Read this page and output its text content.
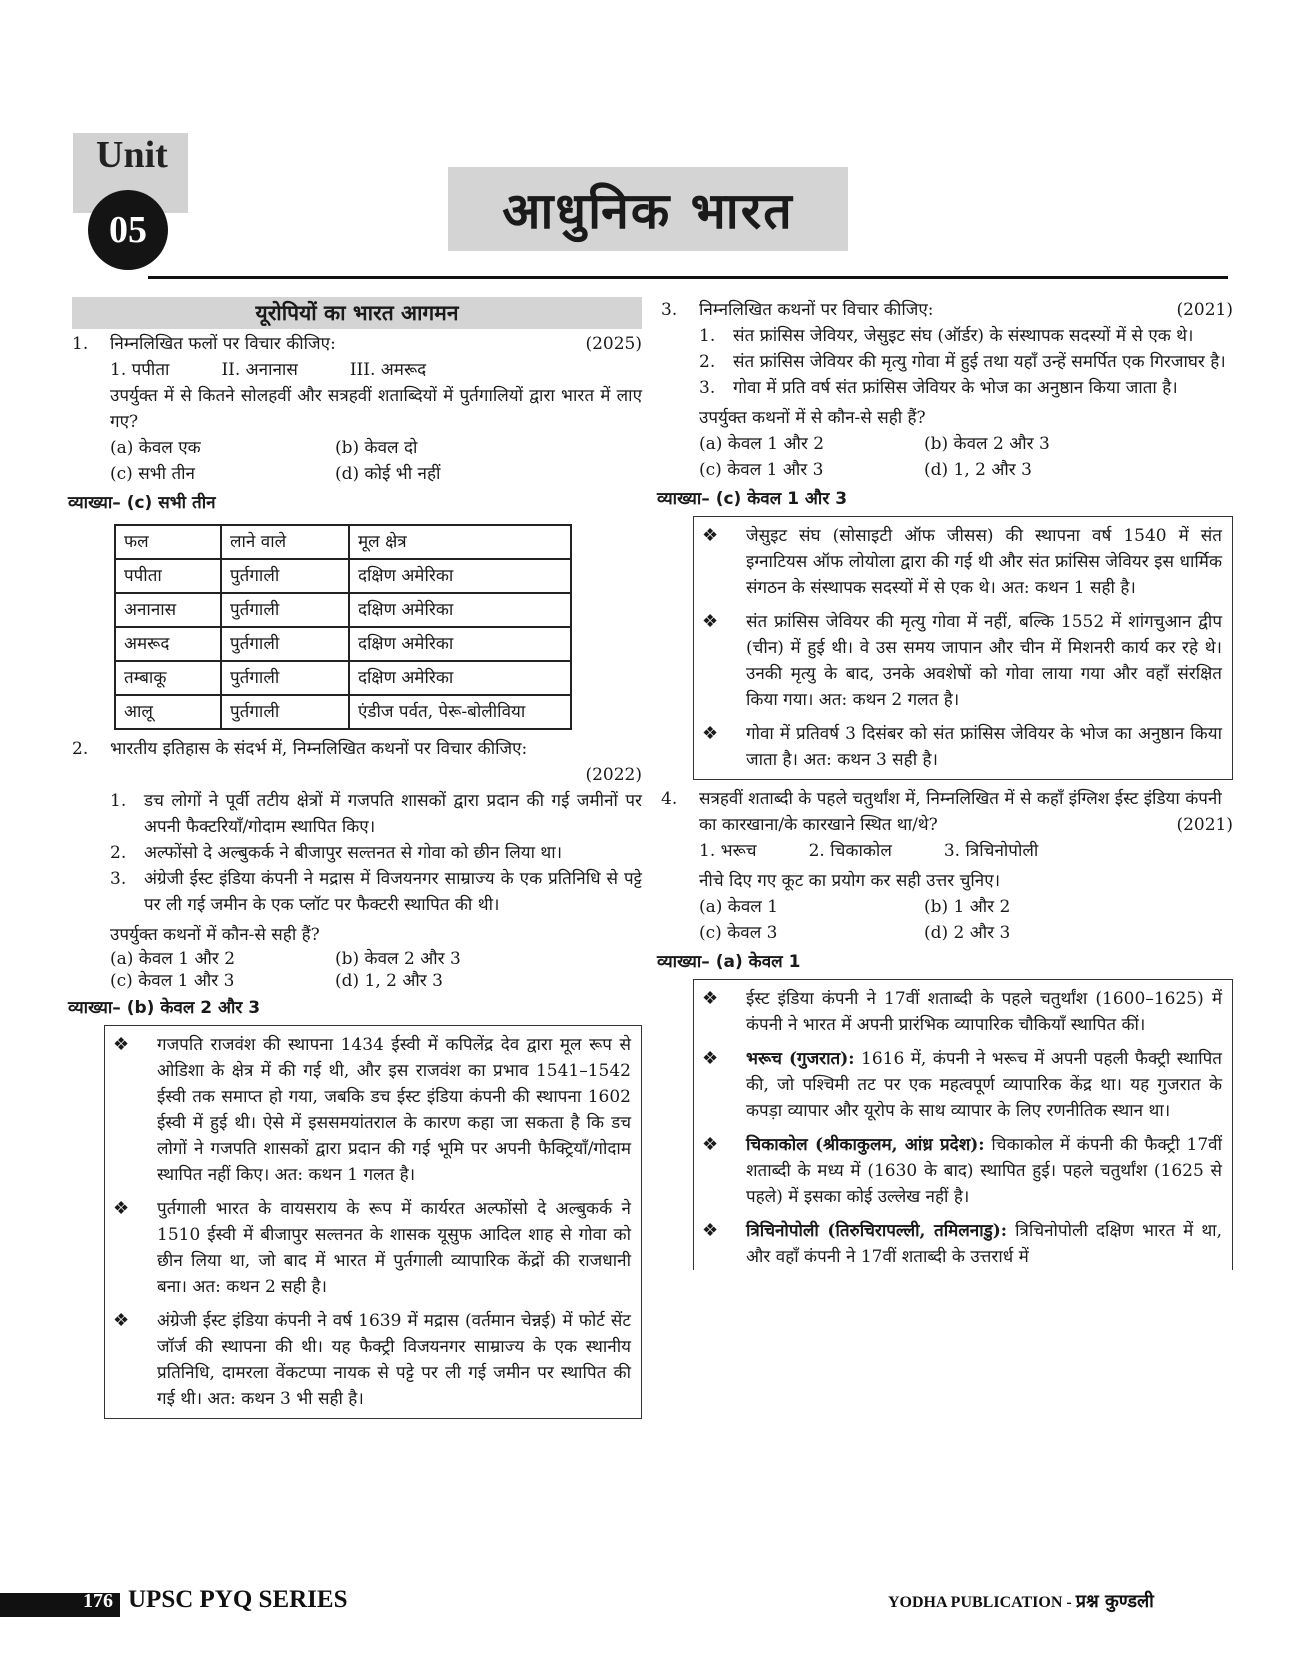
Unit
05	आधुनिक भारत
यूरोपियों का भारत आगमन
1.	निम्नलिखित फलों पर विचार कीजिए:	(2025)
1. पपीता	II. अनानास	III. अमरूद
उपर्युक्त में से कितने सोलहवीं और सत्रहवीं शताब्दियों में पुर्तगालियों द्वारा भारत में लाए गए?
(a) केवल एक	(b) केवल दो
(c) सभी तीन	(d) कोई भी नहीं
व्याख्या– (c) सभी तीन
फल	लाने वाले	मूल क्षेत्र
पपीता	पुर्तगाली	दक्षिण अमेरिका
अनानास	पुर्तगाली	दक्षिण अमेरिका
अमरूद	पुर्तगाली	दक्षिण अमेरिका
तम्बाकू	पुर्तगाली	दक्षिण अमेरिका
आलू	पुर्तगाली	एंडीज पर्वत, पेरू-बोलीविया
2.	भारतीय इतिहास के संदर्भ में, निम्नलिखित कथनों पर विचार कीजिए:

(2022)
1.	डच लोगों ने पूर्वी तटीय क्षेत्रों में गजपति शासकों द्वारा प्रदान की गई जमीनों पर अपनी फैक्टरियाँ/गोदाम स्थापित किए।
2.	अल्फोंसो दे अल्बुकर्क ने बीजापुर सल्तनत से गोवा को छीन लिया था।
3.	अंग्रेजी ईस्ट इंडिया कंपनी ने मद्रास में विजयनगर साम्राज्य के एक प्रतिनिधि से पट्टे पर ली गई जमीन के एक प्लॉट पर फैक्टरी स्थापित की थी।
उपर्युक्त कथनों में कौन-से सही हैं?
(a) केवल 1 और 2	(b) केवल 2 और 3
(c) केवल 1 और 3	(d) 1, 2 और 3
व्याख्या– (b) केवल 2 और 3
❖	गजपति राजवंश की स्थापना 1434 ईस्वी में कपिलेंद्र देव द्वारा मूल रूप से ओडिशा के क्षेत्र में की गई थी, और इस राजवंश का प्रभाव 1541–1542 ईस्वी तक समाप्त हो गया, जबकि डच ईस्ट इंडिया कंपनी की स्थापना 1602 ईस्वी में हुई थी। ऐसे में इससमयांतराल के कारण कहा जा सकता है कि डच लोगों ने गजपति शासकों द्वारा प्रदान की गई भूमि पर अपनी फैक्ट्रियाँ/गोदाम स्थापित नहीं किए। अत: कथन 1 गलत है।
❖	पुर्तगाली भारत के वायसराय के रूप में कार्यरत अल्फोंसो दे अल्बुकर्क ने 1510 ईस्वी में बीजापुर सल्तनत के शासक यूसुफ आदिल शाह से गोवा को छीन लिया था, जो बाद में भारत में पुर्तगाली व्यापारिक केंद्रों की राजधानी बना। अत: कथन 2 सही है।
❖	अंग्रेजी ईस्ट इंडिया कंपनी ने वर्ष 1639 में मद्रास (वर्तमान चेन्नई) में फोर्ट सेंट जॉर्ज की स्थापना की थी। यह फैक्ट्री विजयनगर साम्राज्य के एक स्थानीय प्रतिनिधि, दामरला वेंकटप्पा नायक से पट्टे पर ली गई जमीन पर स्थापित की गई थी। अत: कथन 3 भी सही है।
3.	निम्नलिखित कथनों पर विचार कीजिए:	(2021)
1.	संत फ्रांसिस जेवियर, जेसुइट संघ (ऑर्डर) के संस्थापक सदस्यों में से एक थे।
2.	संत फ्रांसिस जेवियर की मृत्यु गोवा में हुई तथा यहाँ उन्हें समर्पित एक गिरजाघर है।
3.	गोवा में प्रति वर्ष संत फ्रांसिस जेवियर के भोज का अनुष्ठान किया जाता है।
उपर्युक्त कथनों में से कौन-से सही हैं?
(a) केवल 1 और 2	(b) केवल 2 और 3
(c) केवल 1 और 3	(d) 1, 2 और 3
व्याख्या– (c) केवल 1 और 3
❖	जेसुइट संघ (सोसाइटी ऑफ जीसस) की स्थापना वर्ष 1540 में संत इग्नाटियस ऑफ लोयोला द्वारा की गई थी और संत फ्रांसिस जेवियर इस धार्मिक संगठन के संस्थापक सदस्यों में से एक थे। अत: कथन 1 सही है।
❖	संत फ्रांसिस जेवियर की मृत्यु गोवा में नहीं, बल्कि 1552 में शांगचुआन द्वीप (चीन) में हुई थी। वे उस समय जापान और चीन में मिशनरी कार्य कर रहे थे। उनकी मृत्यु के बाद, उनके अवशेषों को गोवा लाया गया और वहाँ संरक्षित किया गया। अत: कथन 2 गलत है।
❖	गोवा में प्रतिवर्ष 3 दिसंबर को संत फ्रांसिस जेवियर के भोज का अनुष्ठान किया जाता है। अत: कथन 3 सही है।
4.	सत्रहवीं शताब्दी के पहले चतुर्थांश में, निम्नलिखित में से कहाँ इंग्लिश ईस्ट इंडिया कंपनी का कारखाना/के कारखाने स्थित था/थे?	(2021)
1. भरूच	2. चिकाकोल	3. त्रिचिनोपोली
नीचे दिए गए कूट का प्रयोग कर सही उत्तर चुनिए।
(a) केवल 1	(b) 1 और 2
(c) केवल 3	(d) 2 और 3
व्याख्या– (a) केवल 1
❖	ईस्ट इंडिया कंपनी ने 17वीं शताब्दी के पहले चतुर्थांश (1600–1625) में कंपनी ने भारत में अपनी प्रारंभिक व्यापारिक चौकियाँ स्थापित कीं।
❖	भरूच (गुजरात): 1616 में, कंपनी ने भरूच में अपनी पहली फैक्ट्री स्थापित की, जो पश्चिमी तट पर एक महत्वपूर्ण व्यापारिक केंद्र था। यह गुजरात के कपड़ा व्यापार और यूरोप के साथ व्यापार के लिए रणनीतिक स्थान था।
❖	चिकाकोल (श्रीकाकुलम, आंध्र प्रदेश): चिकाकोल में कंपनी की फैक्ट्री 17वीं शताब्दी के मध्य में (1630 के बाद) स्थापित हुई। पहले चतुर्थांश (1625 से पहले) में इसका कोई उल्लेख नहीं है।
❖	त्रिचिनोपोली (तिरुचिरापल्ली, तमिलनाडु): त्रिचिनोपोली दक्षिण भारत में था, और वहाँ कंपनी ने 17वीं शताब्दी के उत्तरार्ध में
176 UPSC PYQ SERIES	YODHA PUBLICATION - प्रश्न कुण्डली
